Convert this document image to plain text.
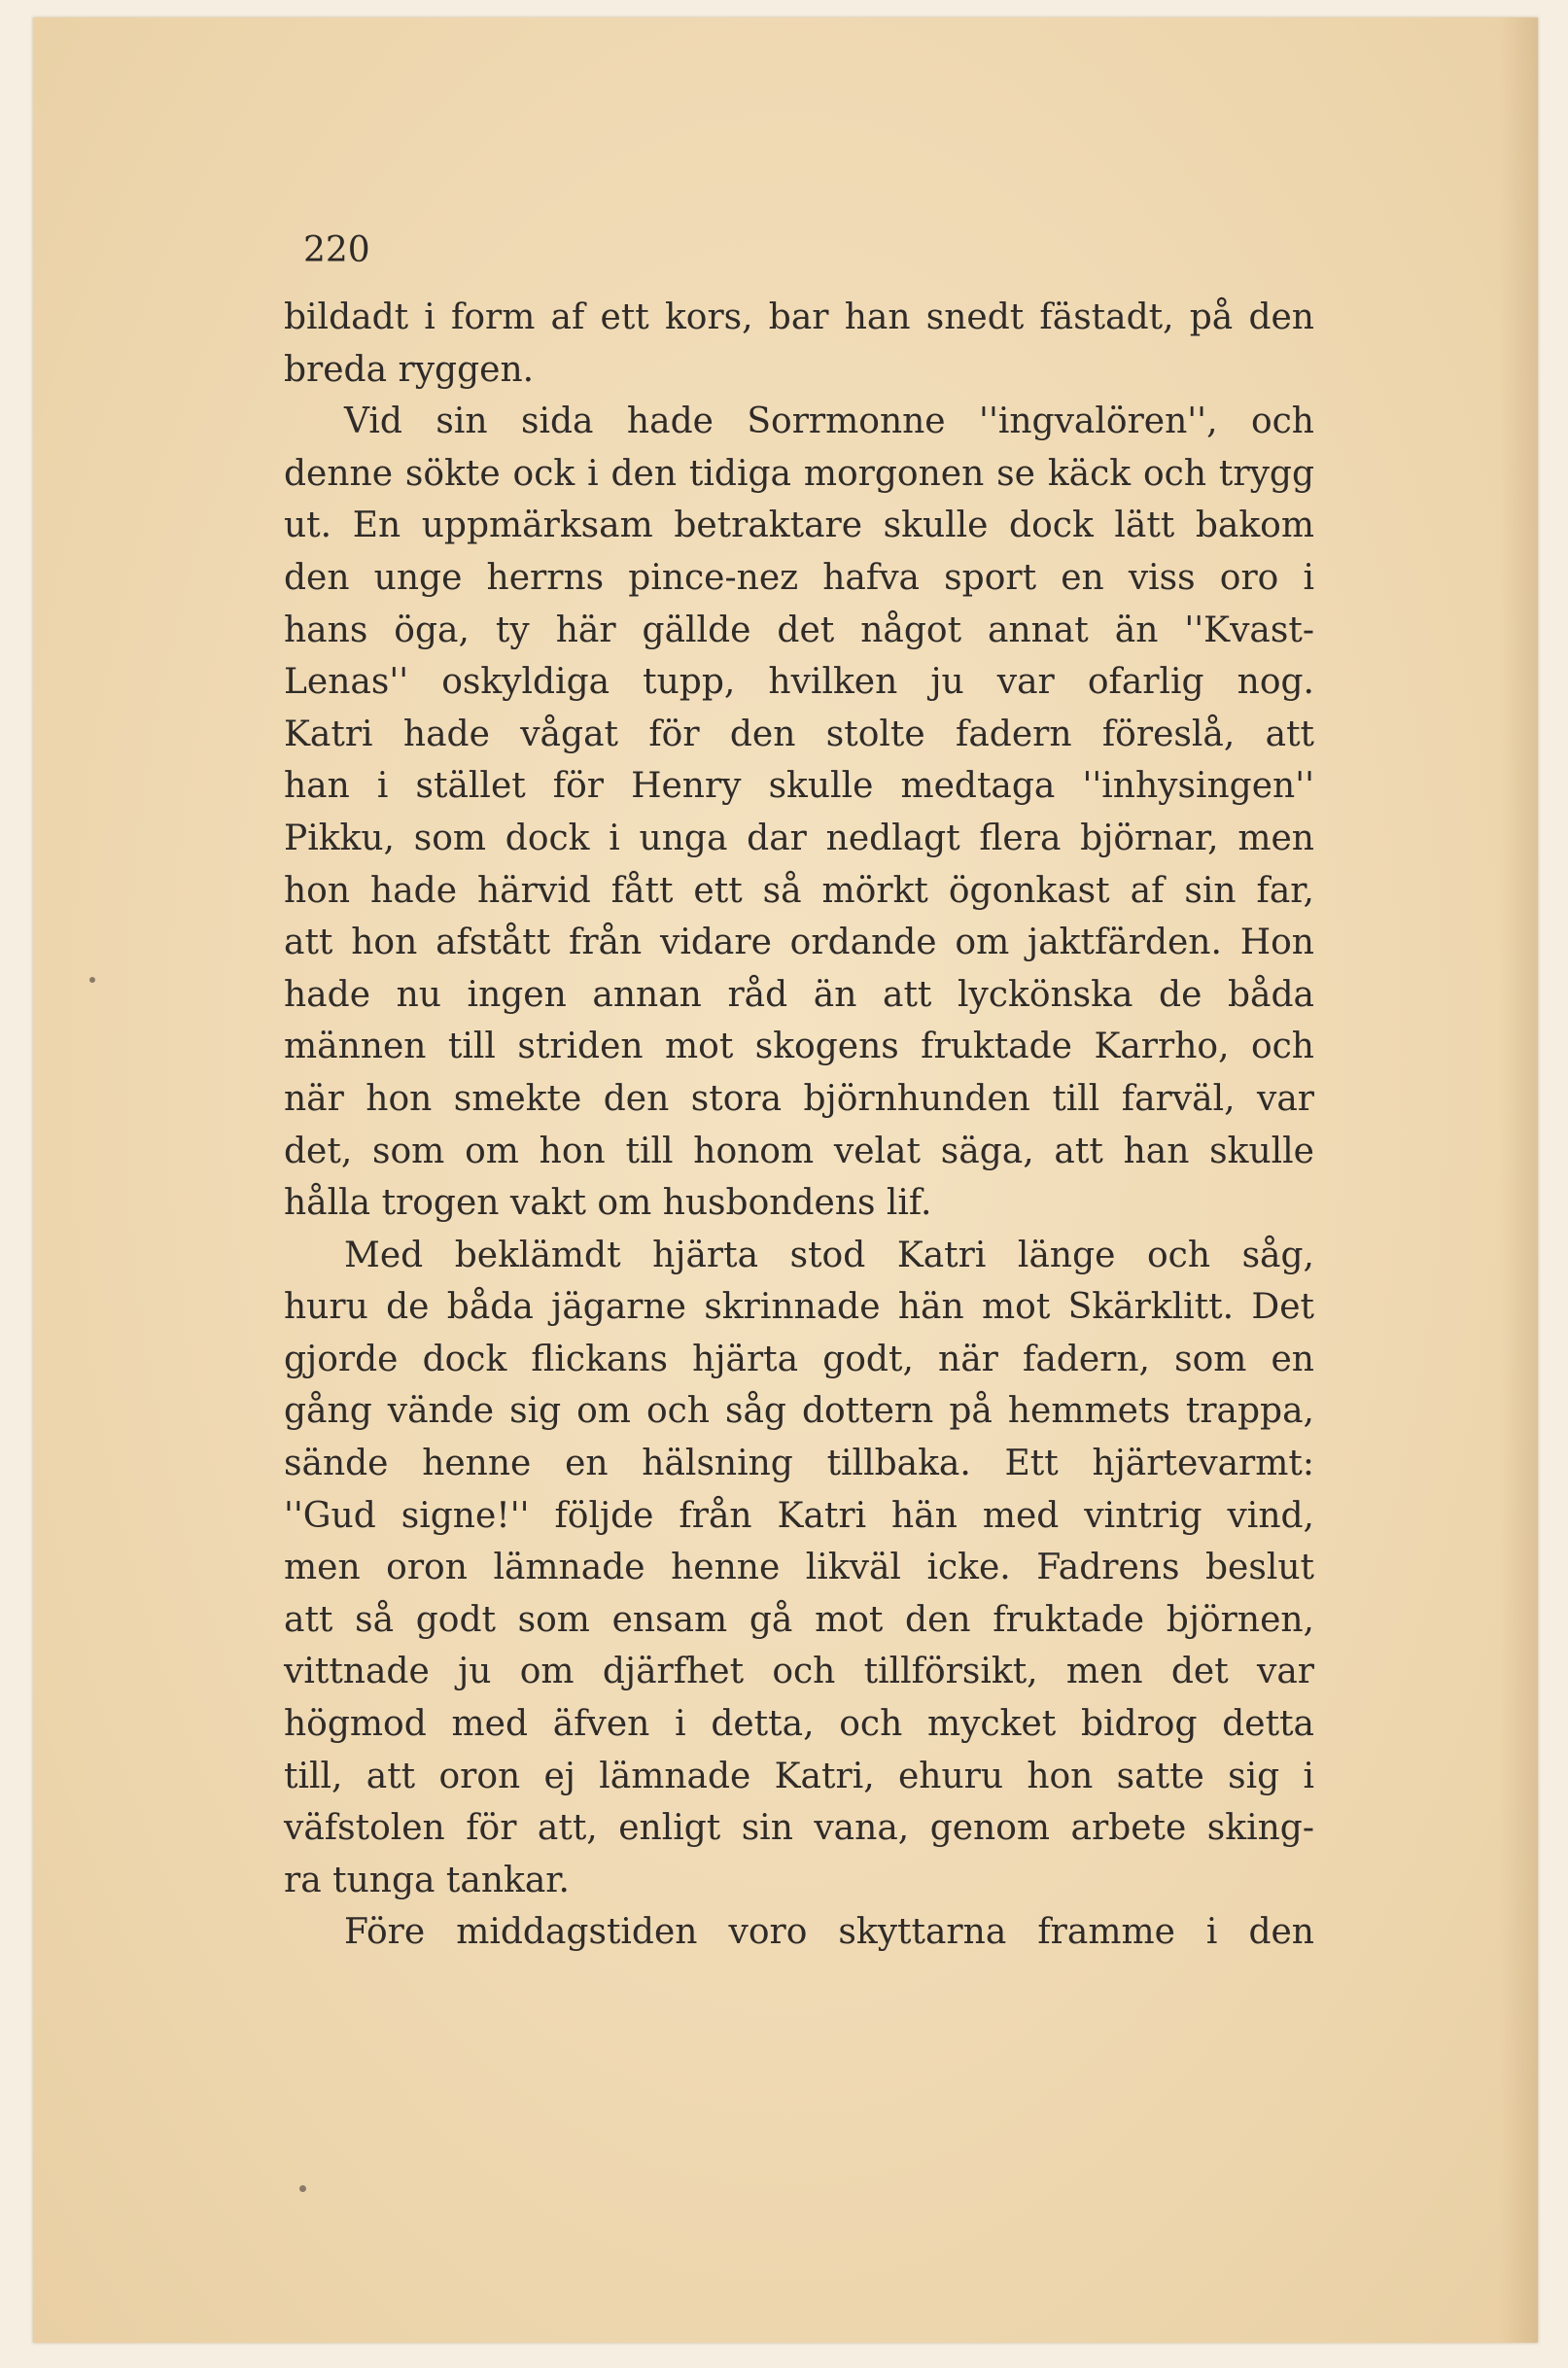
220

bildadt i form af ett kors, bar han snedt fästadt, på den
breda ryggen.
Vid sin sida hade Sorrmonne ''ingvalören'', och
denne sökte ock i den tidiga morgonen se käck och trygg
ut. En uppmärksam betraktare skulle dock lätt bakom
den unge herrns pince-nez hafva sport en viss oro i
hans öga, ty här gällde det något annat än ''Kvast-
Lenas'' oskyldiga tupp, hvilken ju var ofarlig nog.
Katri hade vågat för den stolte fadern föreslå, att
han i stället för Henry skulle medtaga ''inhysingen''
Pikku, som dock i unga dar nedlagt flera björnar, men
hon hade härvid fått ett så mörkt ögonkast af sin far,
att hon afstått från vidare ordande om jaktfärden. Hon
hade nu ingen annan råd än att lyckönska de båda
männen till striden mot skogens fruktade Karrho, och
när hon smekte den stora björnhunden till farväl, var
det, som om hon till honom velat säga, att han skulle
hålla trogen vakt om husbondens lif.
Med beklämdt hjärta stod Katri länge och såg,
huru de båda jägarne skrinnade hän mot Skärklitt. Det
gjorde dock flickans hjärta godt, när fadern, som en
gång vände sig om och såg dottern på hemmets trappa,
sände henne en hälsning tillbaka. Ett hjärtevarmt:
''Gud signe!'' följde från Katri hän med vintrig vind,
men oron lämnade henne likväl icke. Fadrens beslut
att så godt som ensam gå mot den fruktade björnen,
vittnade ju om djärfhet och tillförsikt, men det var
högmod med äfven i detta, och mycket bidrog detta
till, att oron ej lämnade Katri, ehuru hon satte sig i
väfstolen för att, enligt sin vana, genom arbete sking-
ra tunga tankar.
Före middagstiden voro skyttarna framme i den
